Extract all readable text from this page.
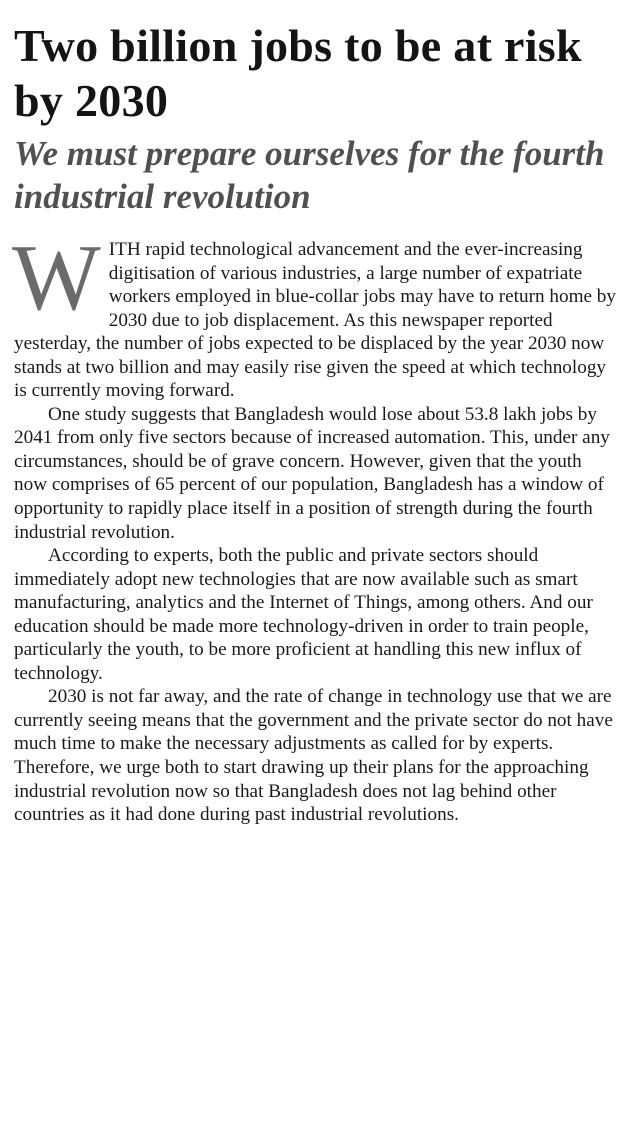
Two billion jobs to be at risk by 2030
We must prepare ourselves for the fourth industrial revolution

W ITH rapid technological advancement and the ever-increasing digitisation of various industries, a large number of expatriate workers employed in blue-collar jobs may have to return home by 2030 due to job displacement. As this newspaper reported yesterday, the number of jobs expected to be displaced by the year 2030 now stands at two billion and may easily rise given the speed at which technology is currently moving forward.

One study suggests that Bangladesh would lose about 53.8 lakh jobs by 2041 from only five sectors because of increased automation. This, under any circumstances, should be of grave concern. However, given that the youth now comprises of 65 percent of our population, Bangladesh has a window of opportunity to rapidly place itself in a position of strength during the fourth industrial revolution.

According to experts, both the public and private sectors should immediately adopt new technologies that are now available such as smart manufacturing, analytics and the Internet of Things, among others. And our education should be made more technology-driven in order to train people, particularly the youth, to be more proficient at handling this new influx of technology.

2030 is not far away, and the rate of change in technology use that we are currently seeing means that the government and the private sector do not have much time to make the necessary adjustments as called for by experts. Therefore, we urge both to start drawing up their plans for the approaching industrial revolution now so that Bangladesh does not lag behind other countries as it had done during past industrial revolutions.
